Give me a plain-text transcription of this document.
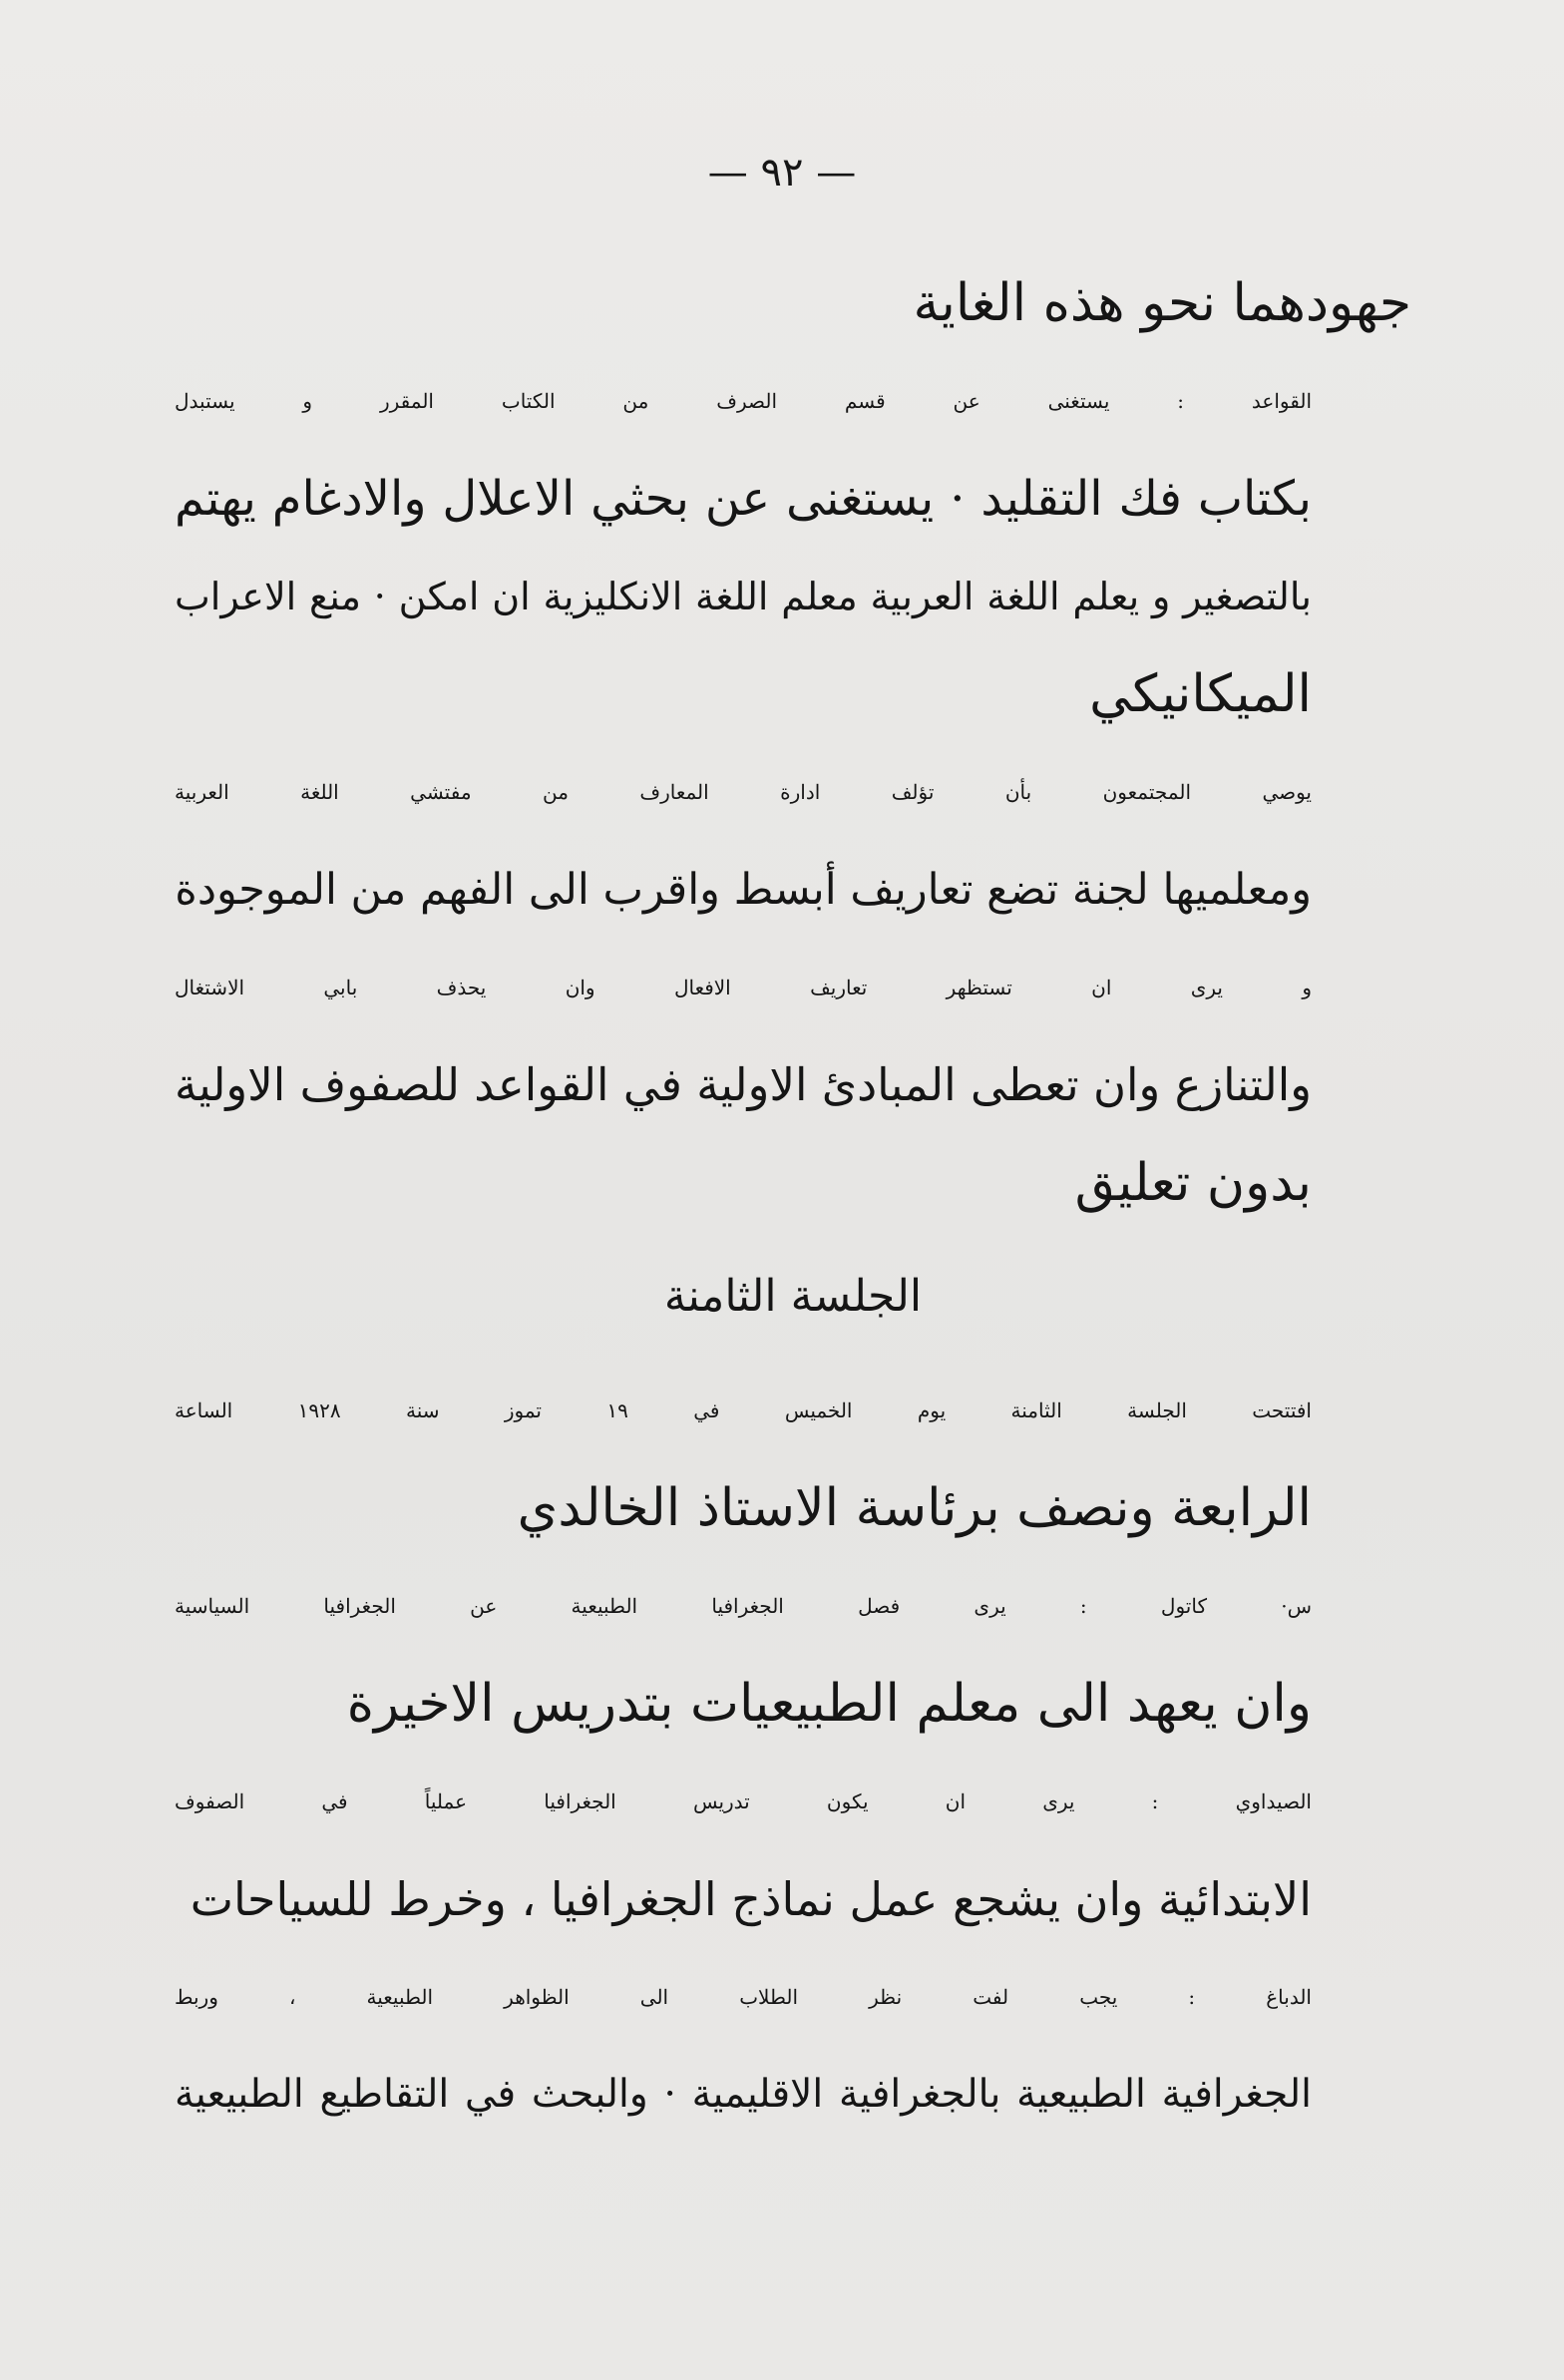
— ٩٢ —

جهودهما نحو هذه الغاية

القواعد : يستغنى عن قسم الصرف من الكتاب المقرر و يستبدل
بكتاب فك التقليد · يستغنى عن بحثي الاعلال والادغام يهتم
بالتصغير و يعلم اللغة العربية معلم اللغة الانكليزية ان امكن · منع الاعراب
الميكانيكي

يوصي المجتمعون بأن تؤلف ادارة المعارف من مفتشي اللغة العربية
ومعلميها لجنة تضع تعاريف أبسط واقرب الى الفهم من الموجودة

و يرى ان تستظهر تعاريف الافعال وان يحذف بابي الاشتغال
والتنازع وان تعطى المبادئ الاولية في القواعد للصفوف الاولية
بدون تعليق

الجلسة الثامنة

افتتحت الجلسة الثامنة يوم الخميس في ١٩ تموز سنة ١٩٢٨ الساعة
الرابعة ونصف برئاسة الاستاذ الخالدي

س· كاتول : يرى فصل الجغرافيا الطبيعية عن الجغرافيا السياسية
وان يعهد الى معلم الطبيعيات بتدريس الاخيرة

الصيداوي : يرى ان يكون تدريس الجغرافيا عملياً في الصفوف
الابتدائية وان يشجع عمل نماذج الجغرافيا ، وخرط للسياحات

الدباغ : يجب لفت نظر الطلاب الى الظواهر الطبيعية ، وربط
الجغرافية الطبيعية بالجغرافية الاقليمية · والبحث في التقاطيع الطبيعية
